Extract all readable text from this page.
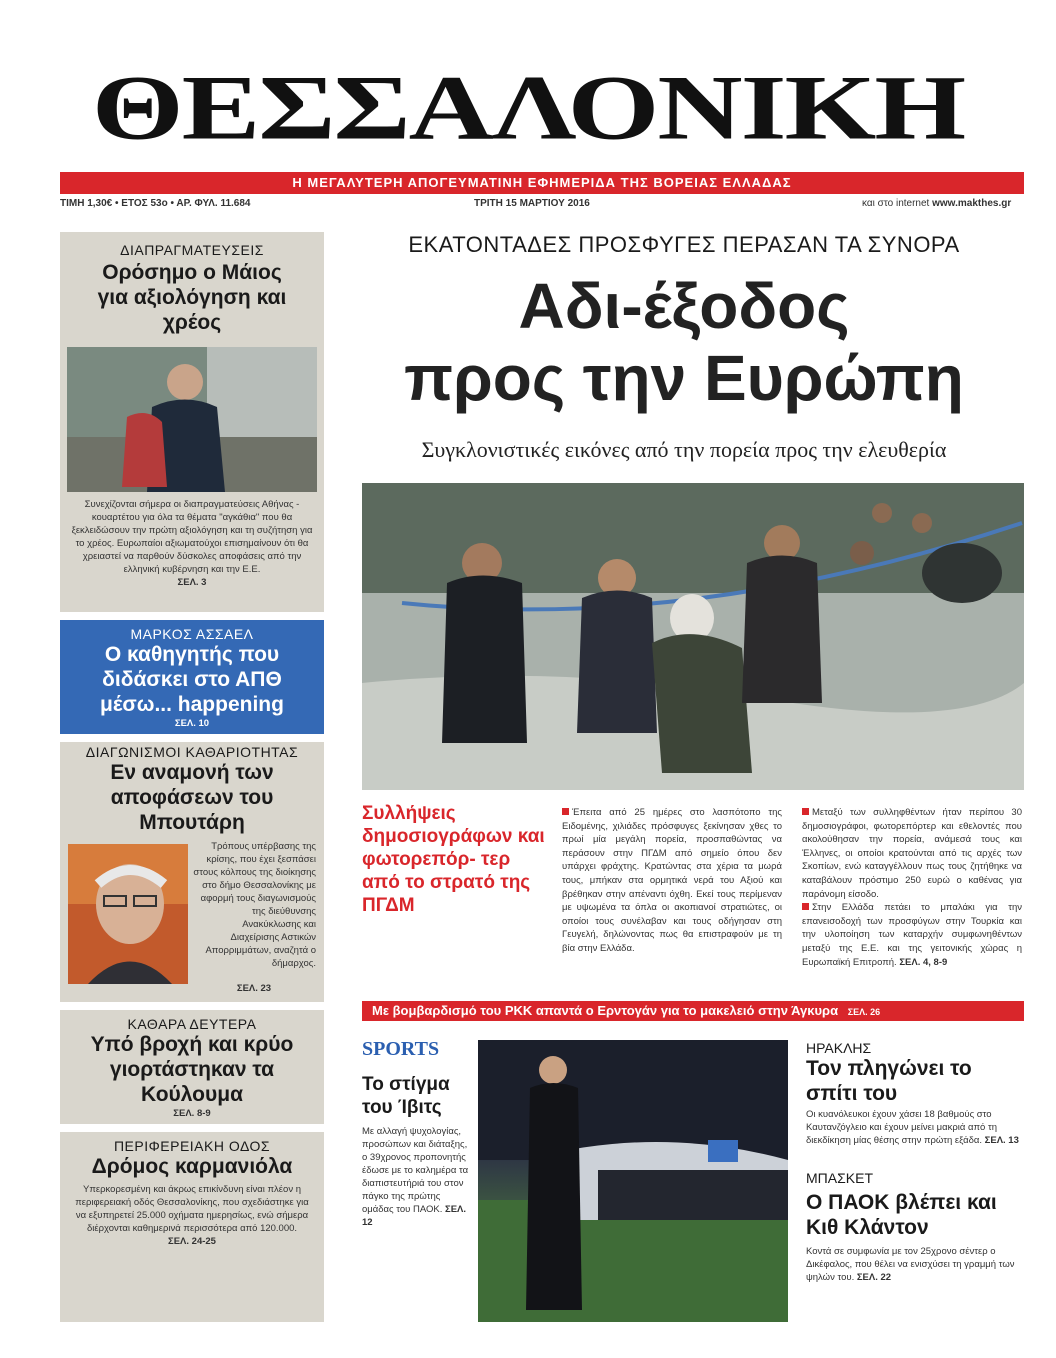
ΘΕΣΣΑΛΟΝΙΚΗ
Η ΜΕΓΑΛΥΤΕΡΗ ΑΠΟΓΕΥΜΑΤΙΝΗ ΕΦΗΜΕΡΙΔΑ ΤΗΣ ΒΟΡΕΙΑΣ ΕΛΛΑΔΑΣ
ΤΙΜΗ 1,30€ • ΕΤΟΣ 53ο • ΑΡ. ΦΥΛ. 11.684	ΤΡΙΤΗ 15 ΜΑΡΤΙΟΥ 2016	και στο internet www.makthes.gr
ΔΙΑΠΡΑΓΜΑΤΕΥΣΕΙΣ
Ορόσημο ο Μάιος για αξιολόγηση και χρέος
Συνεχίζονται σήμερα οι διαπραγματεύσεις Αθήνας - κουαρτέτου για όλα τα θέματα "αγκάθια" που θα ξεκλειδώσουν την πρώτη αξιολόγηση και τη συζήτηση για το χρέος. Ευρωπαίοι αξιωματούχοι επισημαίνουν ότι θα χρειαστεί να παρθούν δύσκολες αποφάσεις από την ελληνική κυβέρνηση και την Ε.Ε.
ΣΕΛ. 3
ΜΑΡΚΟΣ ΑΣΣΑΕΛ
Ο καθηγητής που διδάσκει στο ΑΠΘ μέσω... happening
ΣΕΛ. 10
ΔΙΑΓΩΝΙΣΜΟΙ ΚΑΘΑΡΙΟΤΗΤΑΣ
Εν αναμονή των αποφάσεων του Μπουτάρη
Τρόπους υπέρβασης της κρίσης, που έχει ξεσπάσει στους κόλπους της διοίκησης στο δήμο Θεσσαλονίκης με αφορμή τους διαγωνισμούς της διεύθυνσης Ανακύκλωσης και Διαχείρισης Αστικών Απορριμμάτων, αναζητά ο δήμαρχος.
ΣΕΛ. 23
ΚΑΘΑΡΑ ΔΕΥΤΕΡΑ
Υπό βροχή και κρύο γιορτάστηκαν τα Κούλουμα
ΣΕΛ. 8-9
ΠΕΡΙΦΕΡΕΙΑΚΗ ΟΔΟΣ
Δρόμος καρμανιόλα
Υπερκορεσμένη και άκρως επικίνδυνη είναι πλέον η περιφερειακή οδός Θεσσαλονίκης, που σχεδιάστηκε για να εξυπηρετεί 25.000 οχήματα ημερησίως, ενώ σήμερα διέρχονται καθημερινά περισσότερα από 120.000.
ΣΕΛ. 24-25
ΕΚΑΤΟΝΤΑΔΕΣ ΠΡΟΣΦΥΓΕΣ ΠΕΡΑΣΑΝ ΤΑ ΣΥΝΟΡΑ
Αδι-έξοδος
προς την Ευρώπη
Συγκλονιστικές εικόνες από την πορεία προς την ελευθερία
Συλλήψεις δημοσιογράφων και φωτορεπόρ- τερ από το στρατό της ΠΓΔΜ
Έπειτα από 25 ημέρες στο λασπότοπο της Ειδομένης, χιλιάδες πρόσφυγες ξεκίνησαν χθες το πρωί μία μεγάλη πορεία, προσπαθώντας να περάσουν στην ΠΓΔΜ από σημείο όπου δεν υπάρχει φράχτης. Κρατώντας στα χέρια τα μωρά τους, μπήκαν στα ορμητικά νερά του Αξιού και βρέθηκαν στην απέναντι όχθη. Εκεί τους περίμεναν με υψωμένα τα όπλα οι ακοπιανοί στρατιώτες, οι οποίοι τους συνέλαβαν και τους οδήγησαν στη Γευγελή, δηλώνοντας πως θα επιστραφούν με τη βία στην Ελλάδα.
Μεταξύ των συλληφθέντων ήταν περίπου 30 δημοσιογράφοι, φωτορεπόρτερ και εθελοντές που ακολούθησαν την πορεία, ανάμεσά τους και Έλληνες, οι οποίοι κρατούνται από τις αρχές των Σκοπίων, ενώ καταγγέλλουν πως τους ζητήθηκε να καταβάλουν πρόστιμο 250 ευρώ ο καθένας για παράνομη είσοδο.
Στην Ελλάδα πετάει το μπαλάκι για την επανεισοδοχή των προσφύγων στην Τουρκία και την υλοποίηση των καταρχήν συμφωνηθέντων μεταξύ της Ε.Ε. και της γειτονικής χώρας η Ευρωπαϊκή Επιτροπή. ΣΕΛ. 4, 8-9
Με βομβαρδισμό του PKK απαντά ο Ερντογάν για το μακελειό στην Άγκυρα ΣΕΛ. 26
SPORTS
Το στίγμα του Ίβιτς
Με αλλαγή ψυχολογίας, προσώπων και διάταξης, ο 39χρονος προπονητής έδωσε με το καλημέρα τα διαπιστευτήριά του στον πάγκο της πρώτης ομάδας του ΠΑΟΚ. ΣΕΛ. 12
ΗΡΑΚΛΗΣ
Τον πληγώνει το σπίτι του
Οι κυανόλευκοι έχουν χάσει 18 βαθμούς στο Καυτανζόγλειο και έχουν μείνει μακριά από τη διεκδίκηση μίας θέσης στην πρώτη εξάδα. ΣΕΛ. 13
ΜΠΑΣΚΕΤ
Ο ΠΑΟΚ βλέπει και Κιθ Κλάντον
Κοντά σε συμφωνία με τον 25χρονο σέντερ ο Δικέφαλος, που θέλει να ενισχύσει τη γραμμή των ψηλών του. ΣΕΛ. 22
